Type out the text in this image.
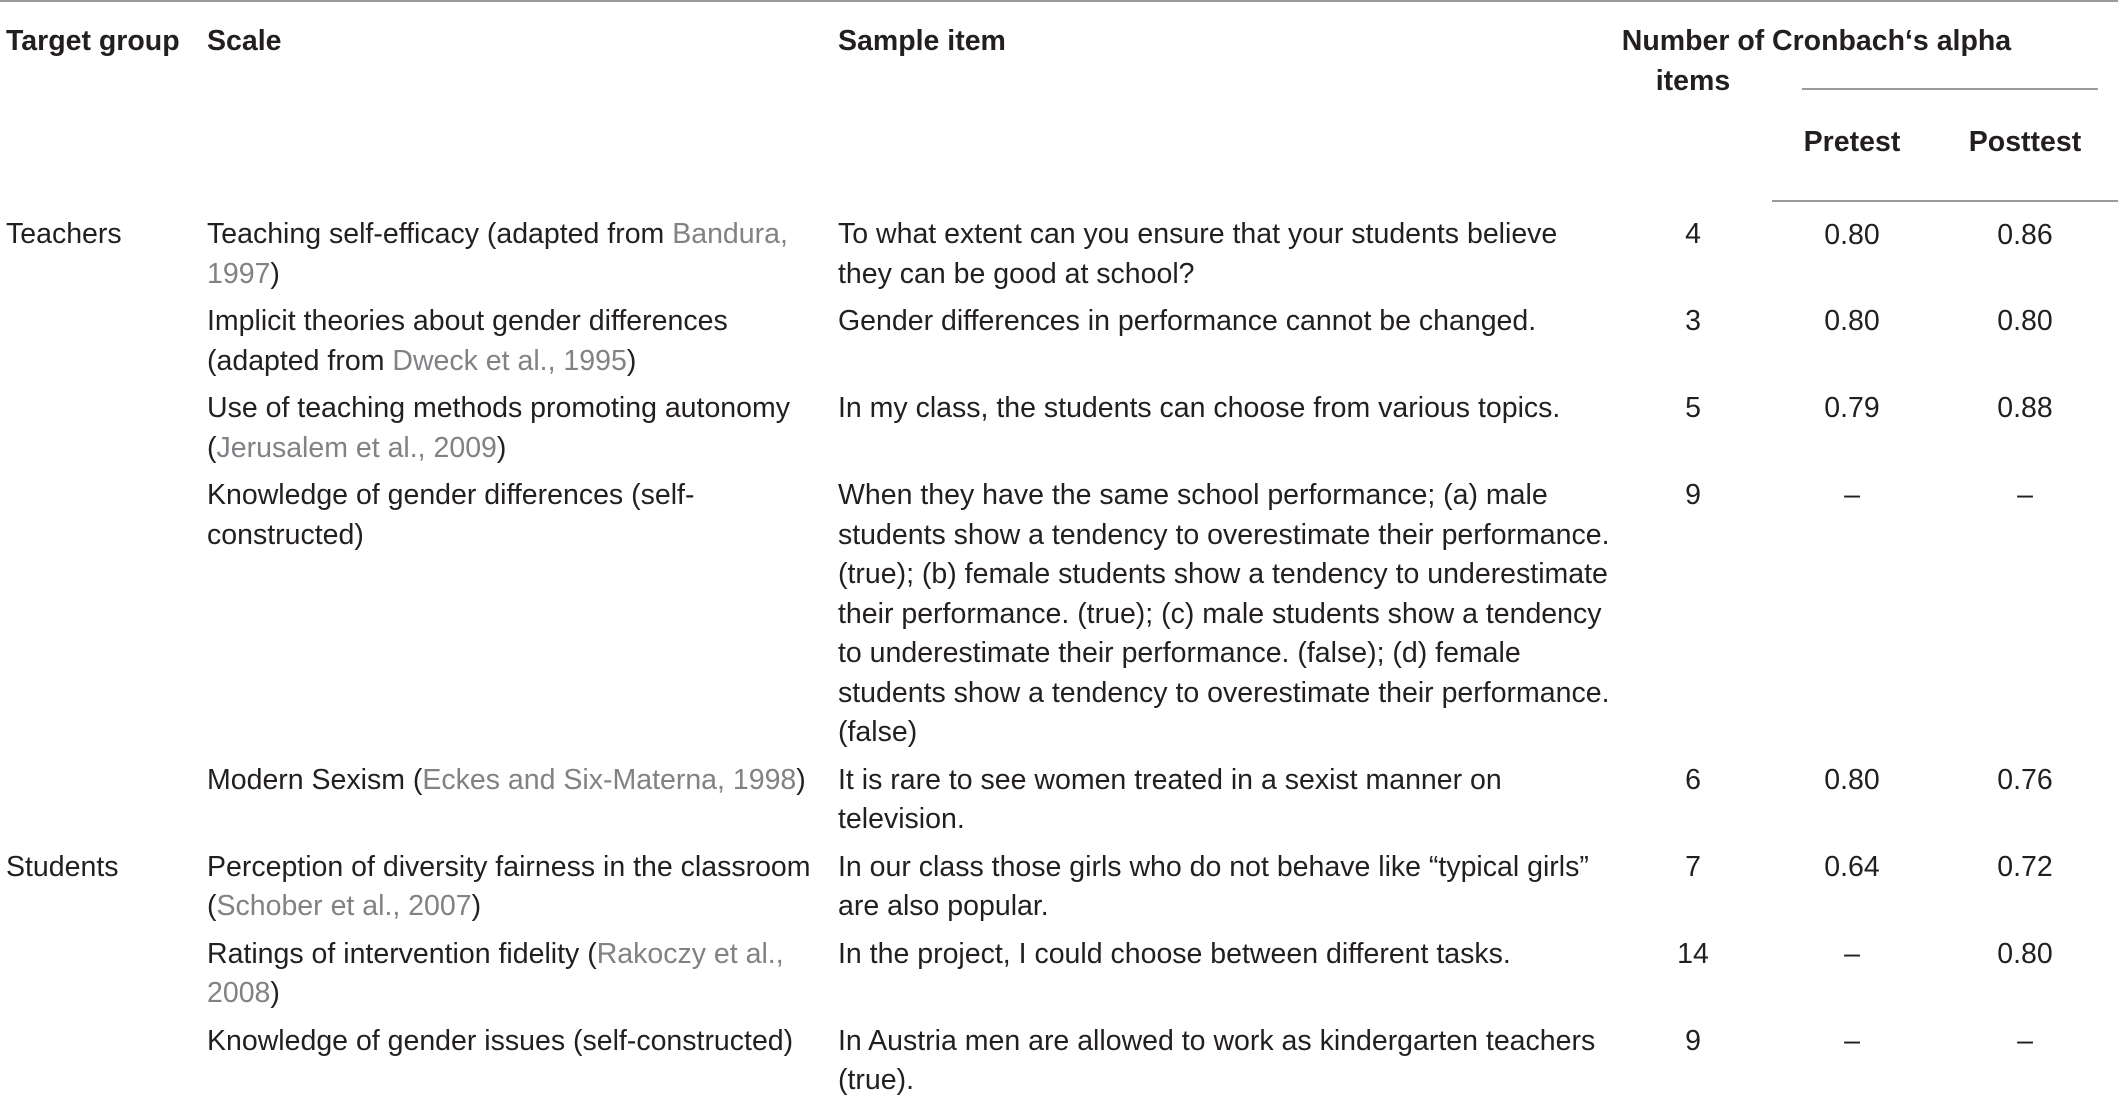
Target group	Scale	Sample item	Number of items	Cronbach‘s alpha	

				Pretest	Posttest
Teachers	Teaching self-efficacy (adapted from Bandura, 1997)	To what extent can you ensure that your students believe they can be good at school?	4	0.80	0.86
	Implicit theories about gender differences (adapted from Dweck et al., 1995)	Gender differences in performance cannot be changed.	3	0.80	0.80
	Use of teaching methods promoting autonomy (Jerusalem et al., 2009)	In my class, the students can choose from various topics.	5	0.79	0.88
	Knowledge of gender differences (self-constructed)	When they have the same school performance; (a) male students show a tendency to overestimate their performance. (true); (b) female students show a tendency to underestimate their performance. (true); (c) male students show a tendency to underestimate their performance. (false); (d) female students show a tendency to overestimate their performance. (false)	9	–	–
	Modern Sexism (Eckes and Six-Materna, 1998)	It is rare to see women treated in a sexist manner on television.	6	0.80	0.76
Students	Perception of diversity fairness in the classroom (Schober et al., 2007)	In our class those girls who do not behave like “typical girls” are also popular.	7	0.64	0.72
	Ratings of intervention fidelity (Rakoczy et al., 2008)	In the project, I could choose between different tasks.	14	–	0.80
	Knowledge of gender issues (self-constructed)	In Austria men are allowed to work as kindergarten teachers (true).	9	–	–
